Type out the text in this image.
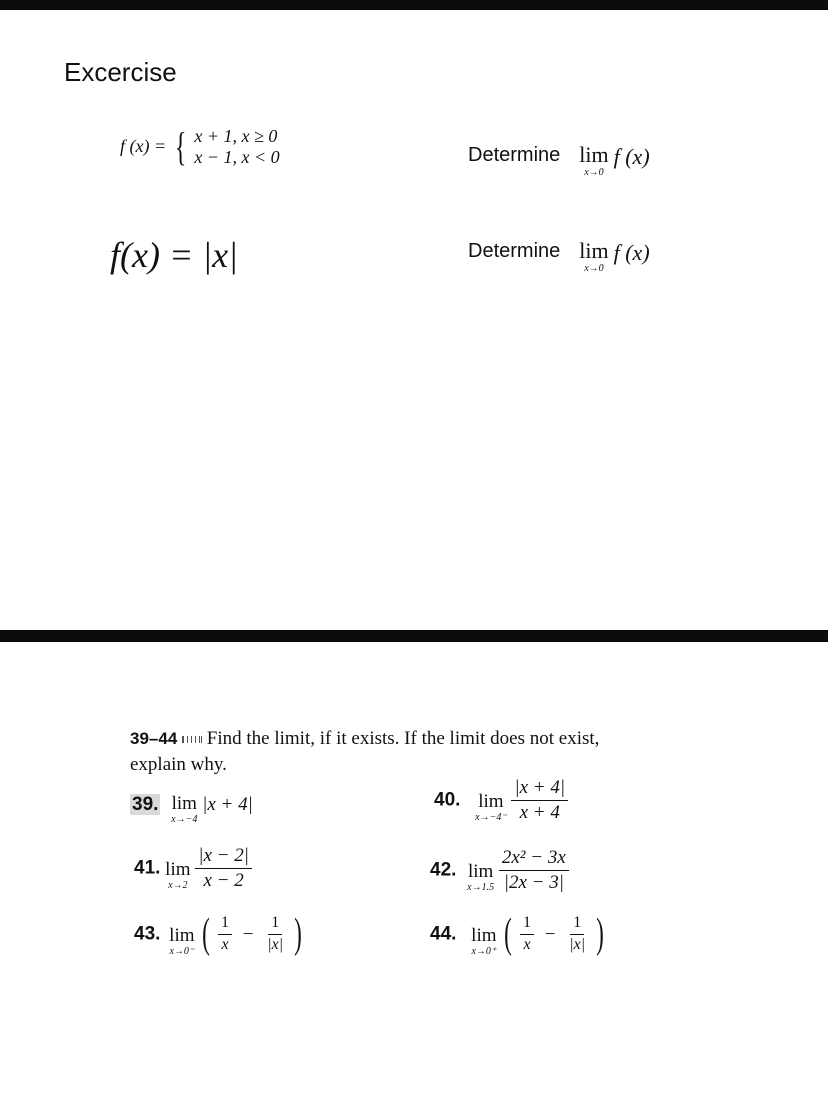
Excercise
f (x) = { x + 1, x ≥ 0
x − 1, x < 0	Determine lim
x→0
f (x)
f(x) = |x|	Determine lim
x→0
f (x)
39–44 Find the limit, if it exists. If the limit does not exist,
explain why.
39. lim
x→−4
|x + 4|	40. lim
x→−4⁻
$\frac{|x + 4|}{x + 4}$
41. lim
x→2
$\frac{|x - 2|}{x - 2}$	42. lim
x→1.5
$\frac{\text{2x² − 3x}}{|2x - 3|}$
43. lim
x→0⁻ ( $\frac{1}{x} - \frac{1}{|x|}$ )	44. lim
x→0⁺ ( $\frac{1}{x} - \frac{1}{|x|}$ )
